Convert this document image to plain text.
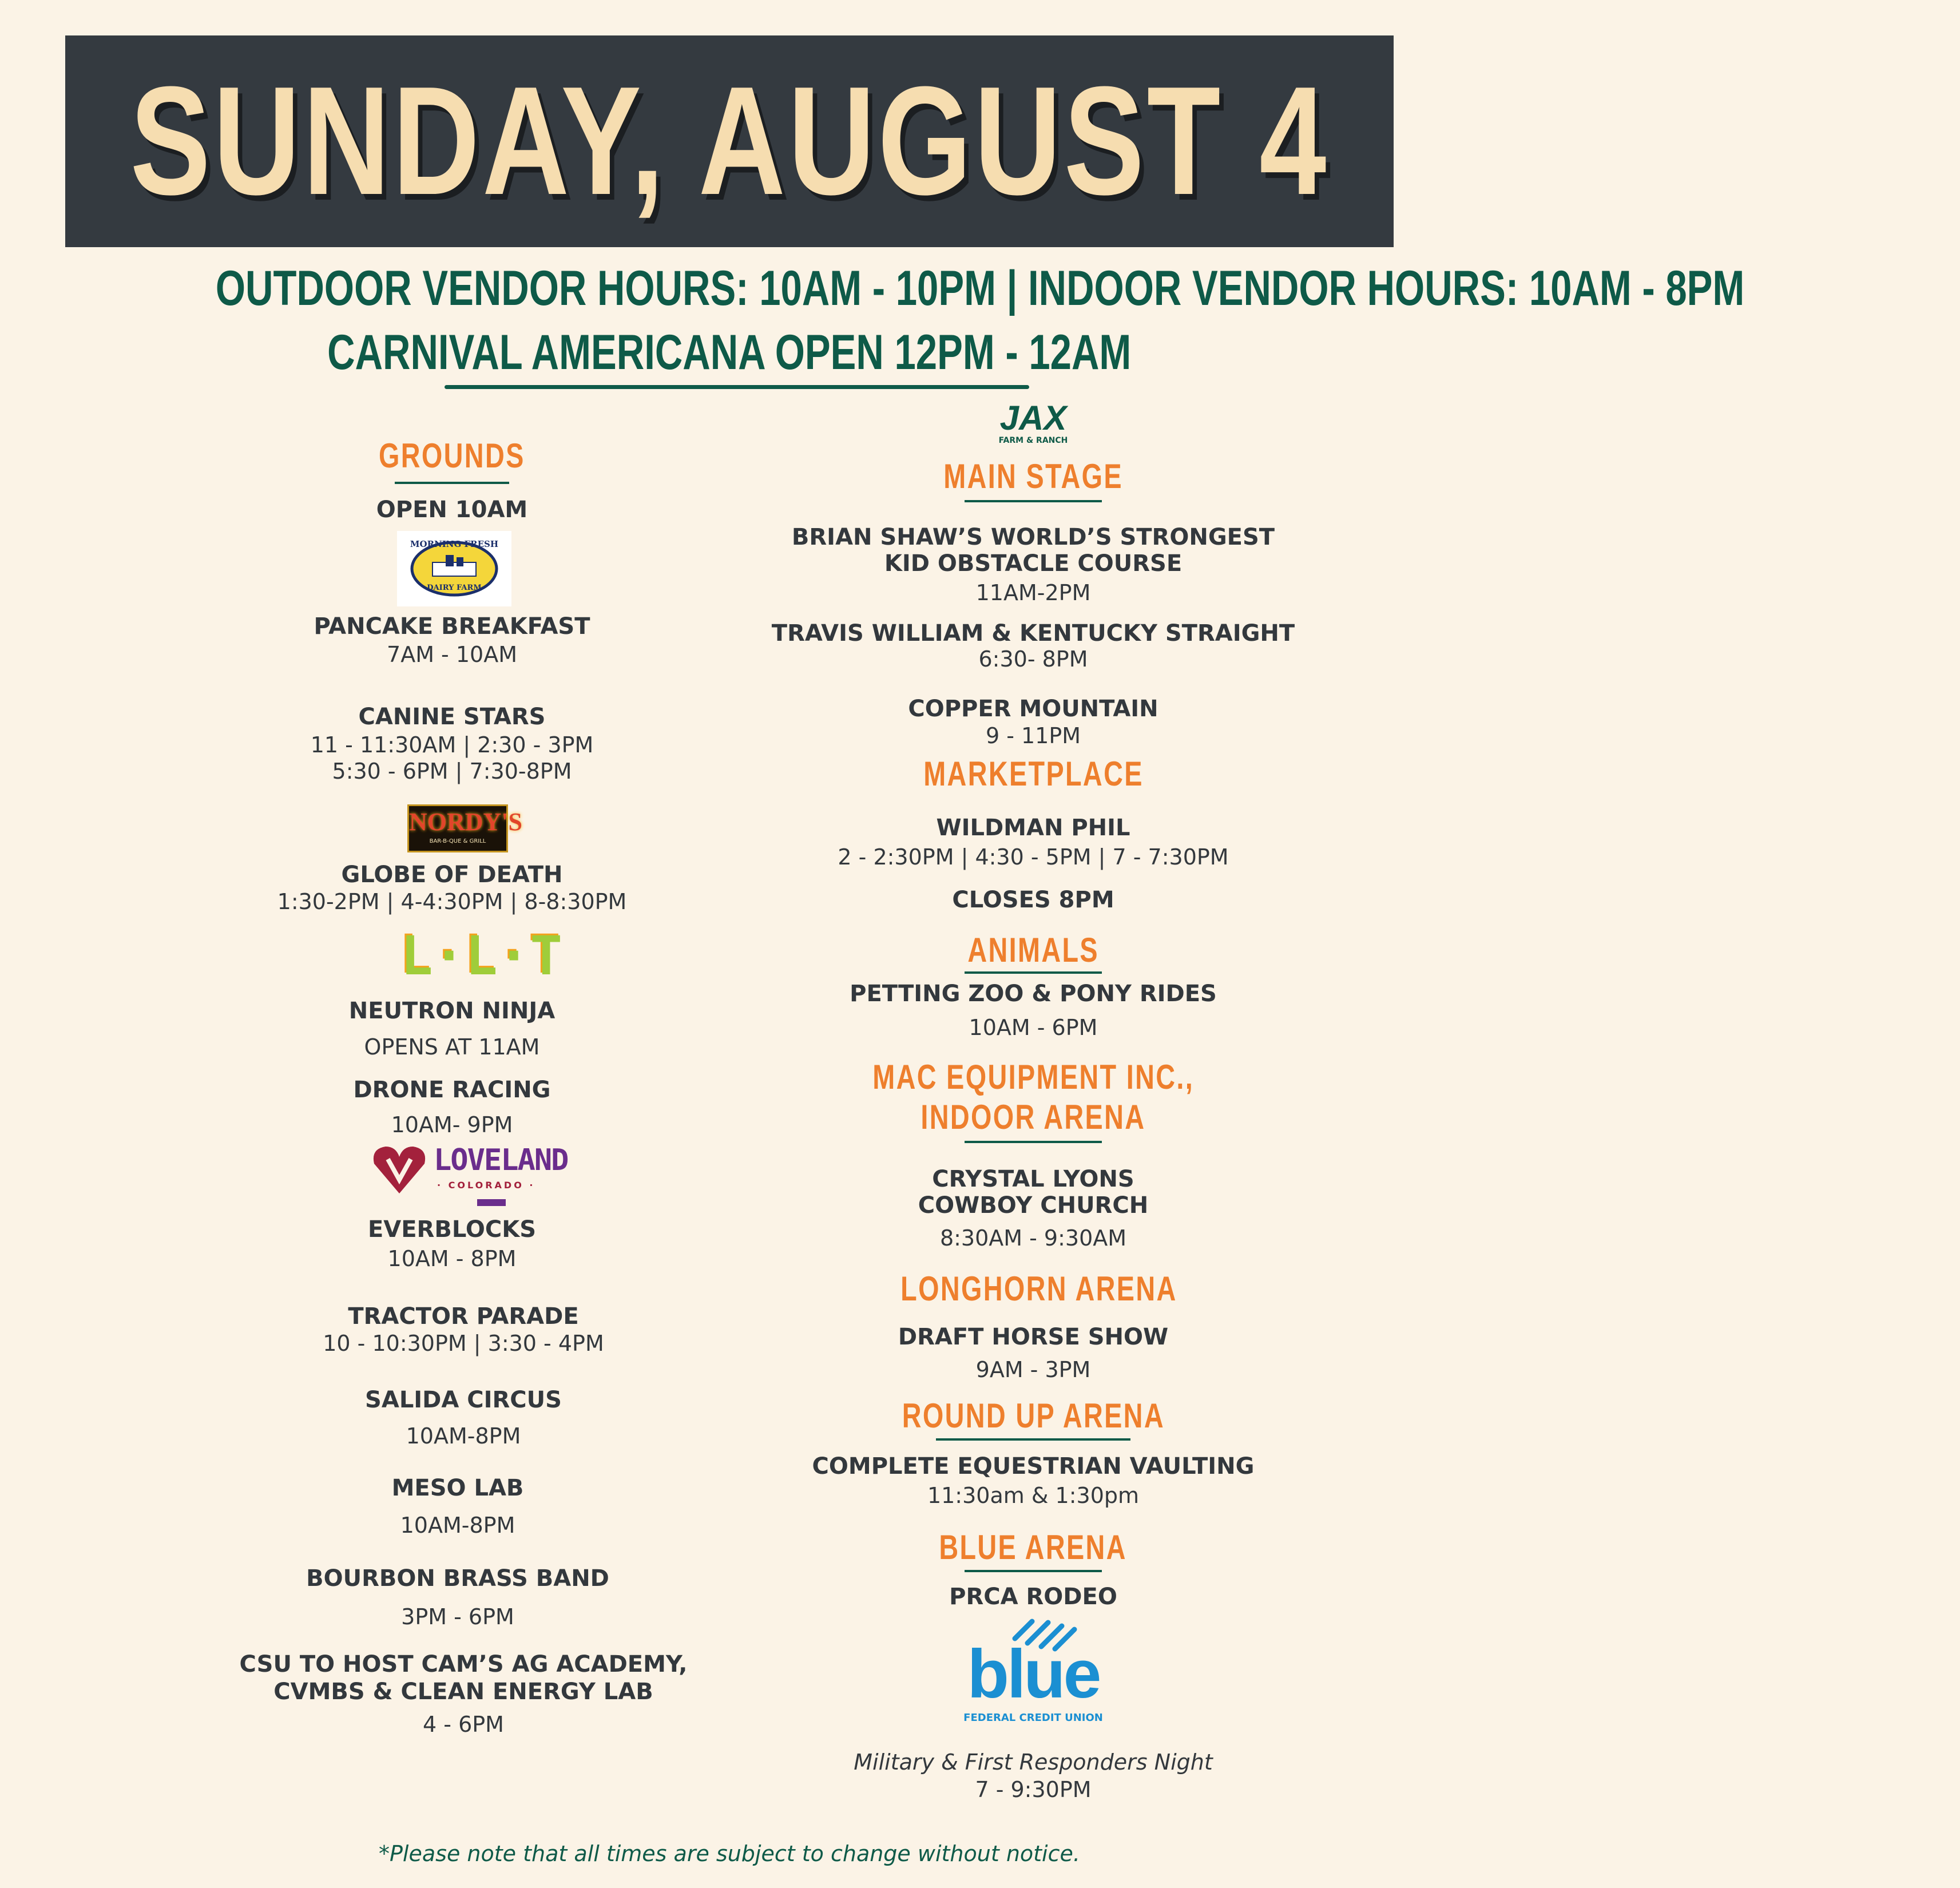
SUNDAY, AUGUST 4
OUTDOOR VENDOR HOURS: 10AM - 10PM | INDOOR VENDOR HOURS: 10AM - 8PM
CARNIVAL AMERICANA OPEN 12PM - 12AM
GROUNDS
OPEN 10AM
MORNING FRESH
DAIRY FARM
PANCAKE BREAKFAST
7AM - 10AM
CANINE STARS
11 - 11:30AM | 2:30 - 3PM
5:30 - 6PM | 7:30-8PM
NORDY'S
BAR-B-QUE & GRILL
GLOBE OF DEATH
1:30-2PM | 4-4:30PM | 8-8:30PM
L·L·T
NEUTRON NINJA
OPENS AT 11AM
DRONE RACING
10AM- 9PM
LOVELAND
· COLORADO ·
EVERBLOCKS
10AM - 8PM
TRACTOR PARADE
10 - 10:30PM | 3:30 - 4PM
SALIDA CIRCUS
10AM-8PM
MESO LAB
10AM-8PM
BOURBON BRASS BAND
3PM - 6PM
CSU TO HOST CAM’S AG ACADEMY,
CVMBS & CLEAN ENERGY LAB
4 - 6PM
JAX
FARM & RANCH
MAIN STAGE
BRIAN SHAW’S WORLD’S STRONGEST
KID OBSTACLE COURSE
11AM-2PM
TRAVIS WILLIAM & KENTUCKY STRAIGHT
6:30- 8PM
COPPER MOUNTAIN
9 - 11PM
MARKETPLACE
WILDMAN PHIL
2 - 2:30PM | 4:30 - 5PM | 7 - 7:30PM
CLOSES 8PM
ANIMALS
PETTING ZOO & PONY RIDES
10AM - 6PM
MAC EQUIPMENT INC.,
INDOOR ARENA
CRYSTAL LYONS
COWBOY CHURCH
8:30AM - 9:30AM
LONGHORN ARENA
DRAFT HORSE SHOW
9AM - 3PM
ROUND UP ARENA
COMPLETE EQUESTRIAN VAULTING
11:30am & 1:30pm
BLUE ARENA
PRCA RODEO
blue
FEDERAL CREDIT UNION
Military & First Responders Night
7 - 9:30PM
*Please note that all times are subject to change without notice.
